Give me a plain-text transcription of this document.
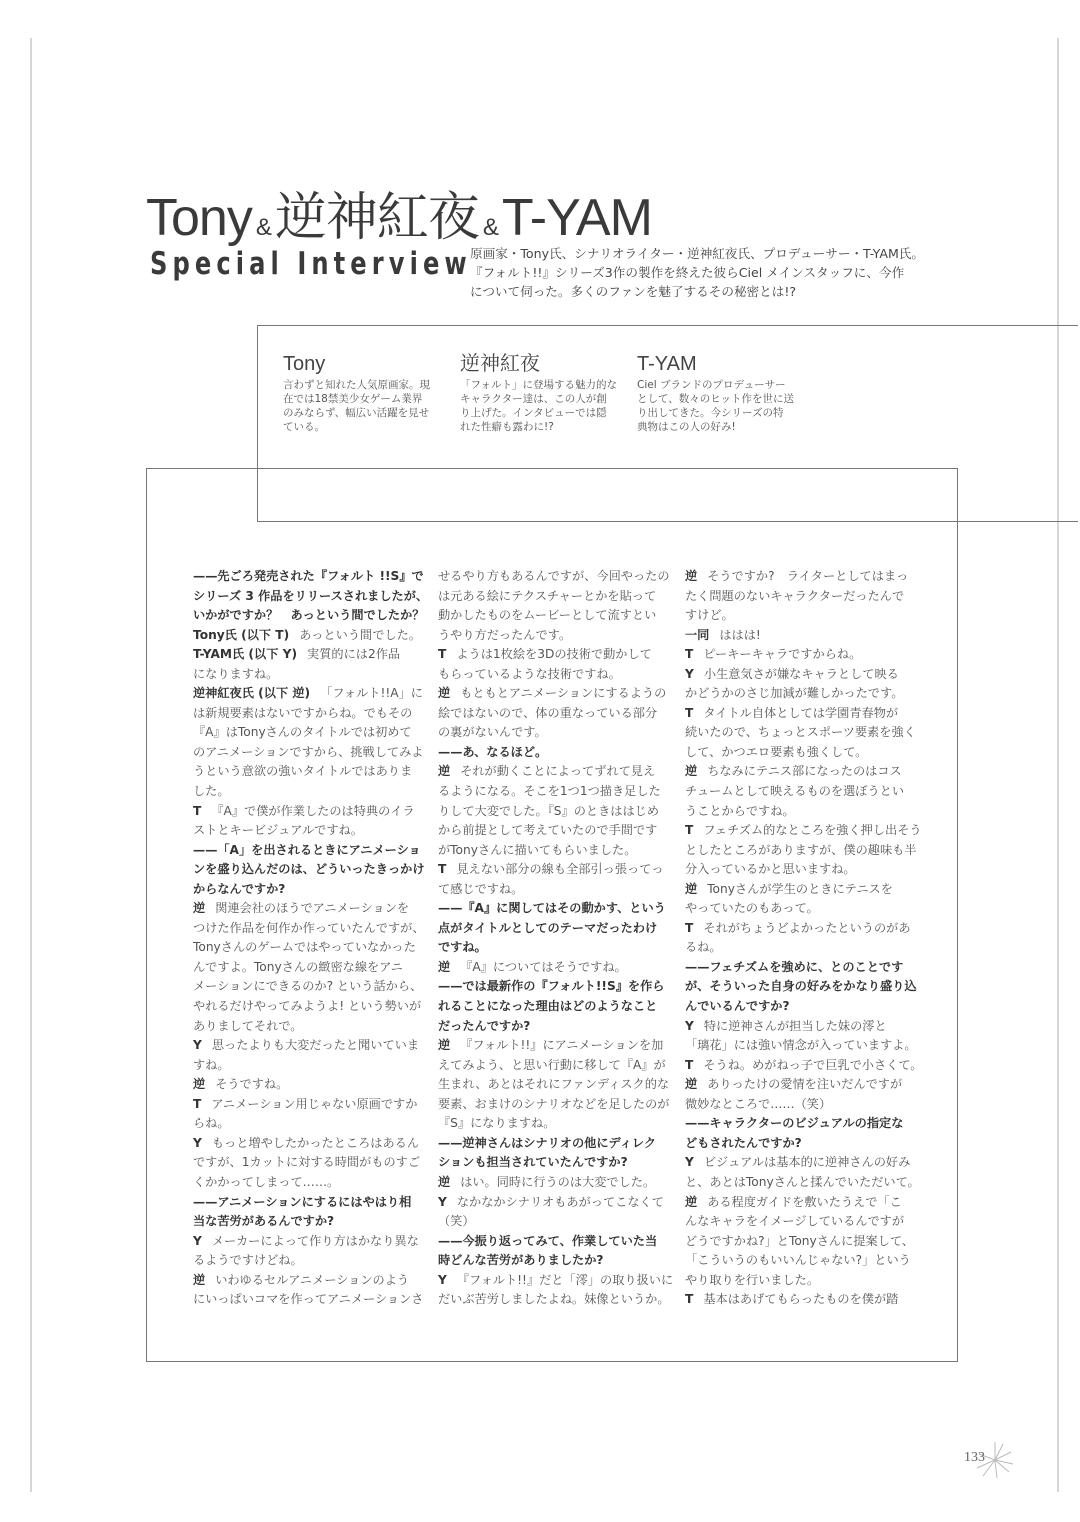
Tony &逆神紅夜 &T-YAM
Special Interview
原画家・Tony氏、シナリオライター・逆神紅夜氏、プロデューサー・T-YAM氏。
『フォルト!!』シリーズ3作の製作を終えた彼らCiel メインスタッフに、今作
について伺った。多くのファンを魅了するその秘密とは!?
Tony
言わずと知れた人気原画家。現
在では18禁美少女ゲーム業界
のみならず、幅広い活躍を見せ
ている。
逆神紅夜
「フォルト」に登場する魅力的な
キャラクター達は、この人が創
り上げた。インタビューでは隠
れた性癖も露わに!?
T-YAM
Ciel ブランドのプロデューサー
として、数々のヒット作を世に送
り出してきた。今シリーズの特
典物はこの人の好み!
——先ごろ発売された『フォルト !!S』で
シリーズ 3 作品をリリースされましたが、
いかがですか？　あっという間でしたか？
Tony氏 (以下 T) あっという間でした。
T-YAM氏 (以下 Y) 実質的には2作品
になりますね。
逆神紅夜氏 (以下 逆) 「フォルト!!A」に
は新規要素はないですからね。でもその
『A』はTonyさんのタイトルでは初めて
のアニメーションですから、挑戦してみよ
うという意欲の強いタイトルではありま
した。
T 『A』で僕が作業したのは特典のイラ
ストとキービジュアルですね。
——「A」を出されるときにアニメーショ
ンを盛り込んだのは、どういったきっかけ
からなんですか?
逆 関連会社のほうでアニメーションを
つけた作品を何作か作っていたんですが、
Tonyさんのゲームではやっていなかった
んですよ。Tonyさんの緻密な線をアニ
メーションにできるのか? という話から、
やれるだけやってみようよ! という勢いが
ありましてそれで。
Y 思ったよりも大変だったと聞いていま
すね。
逆 そうですね。
T アニメーション用じゃない原画ですか
らね。
Y もっと増やしたかったところはあるん
ですが、1カットに対する時間がものすご
くかかってしまって……。
——アニメーションにするにはやはり相
当な苦労があるんですか?
Y メーカーによって作り方はかなり異な
るようですけどね。
逆 いわゆるセルアニメーションのよう
にいっぱいコマを作ってアニメーションさ
せるやり方もあるんですが、今回やったの
は元ある絵にテクスチャーとかを貼って
動かしたものをムービーとして流すとい
うやり方だったんです。
T ようは1枚絵を3Dの技術で動かして
もらっているような技術ですね。
逆 もともとアニメーションにするようの
絵ではないので、体の重なっている部分
の裏がないんです。
——あ、なるほど。
逆 それが動くことによってずれて見え
るようになる。そこを1つ1つ描き足した
りして大変でした。『S』のときははじめ
から前提として考えていたので手間です
がTonyさんに描いてもらいました。
T 見えない部分の線も全部引っ張ってっ
て感じですね。
——『A』に関してはその動かす、という
点がタイトルとしてのテーマだったわけ
ですね。
逆 『A』についてはそうですね。
——では最新作の『フォルト!!S』を作ら
れることになった理由はどのようなこと
だったんですか?
逆 『フォルト!!』にアニメーションを加
えてみよう、と思い行動に移して『A』が
生まれ、あとはそれにファンディスク的な
要素、おまけのシナリオなどを足したのが
『S』になりますね。
——逆神さんはシナリオの他にディレク
ションも担当されていたんですか?
逆 はい。同時に行うのは大変でした。
Y なかなかシナリオもあがってこなくて
（笑）
——今振り返ってみて、作業していた当
時どんな苦労がありましたか?
Y 『フォルト!!』だと「澪」の取り扱いに
だいぶ苦労しましたよね。妹像というか。
逆 そうですか?　ライターとしてはまっ
たく問題のないキャラクターだったんで
すけど。
一同 ははは!
T ピーキーキャラですからね。
Y 小生意気さが嫌なキャラとして映る
かどうかのさじ加減が難しかったです。
T タイトル自体としては学園青春物が
続いたので、ちょっとスポーツ要素を強く
して、かつエロ要素も強くして。
逆 ちなみにテニス部になったのはコス
チュームとして映えるものを選ぼうとい
うことからですね。
T フェチズム的なところを強く押し出そう
としたところがありますが、僕の趣味も半
分入っているかと思いますね。
逆 Tonyさんが学生のときにテニスを
やっていたのもあって。
T それがちょうどよかったというのがあ
るね。
——フェチズムを強めに、とのことです
が、そういった自身の好みをかなり盛り込
んでいるんですか?
Y 特に逆神さんが担当した妹の澪と
「璃花」には強い情念が入っていますよ。
T そうね。めがねっ子で巨乳で小さくて。
逆 ありったけの愛情を注いだんですが
微妙なところで……（笑）
——キャラクターのビジュアルの指定な
どもされたんですか?
Y ビジュアルは基本的に逆神さんの好み
と、あとはTonyさんと揉んでいただいて。
逆 ある程度ガイドを敷いたうえで「こ
んなキャラをイメージしているんですが
どうですかね?」とTonyさんに提案して、
「こういうのもいいんじゃない?」という
やり取りを行いました。
T 基本はあげてもらったものを僕が踏
133
